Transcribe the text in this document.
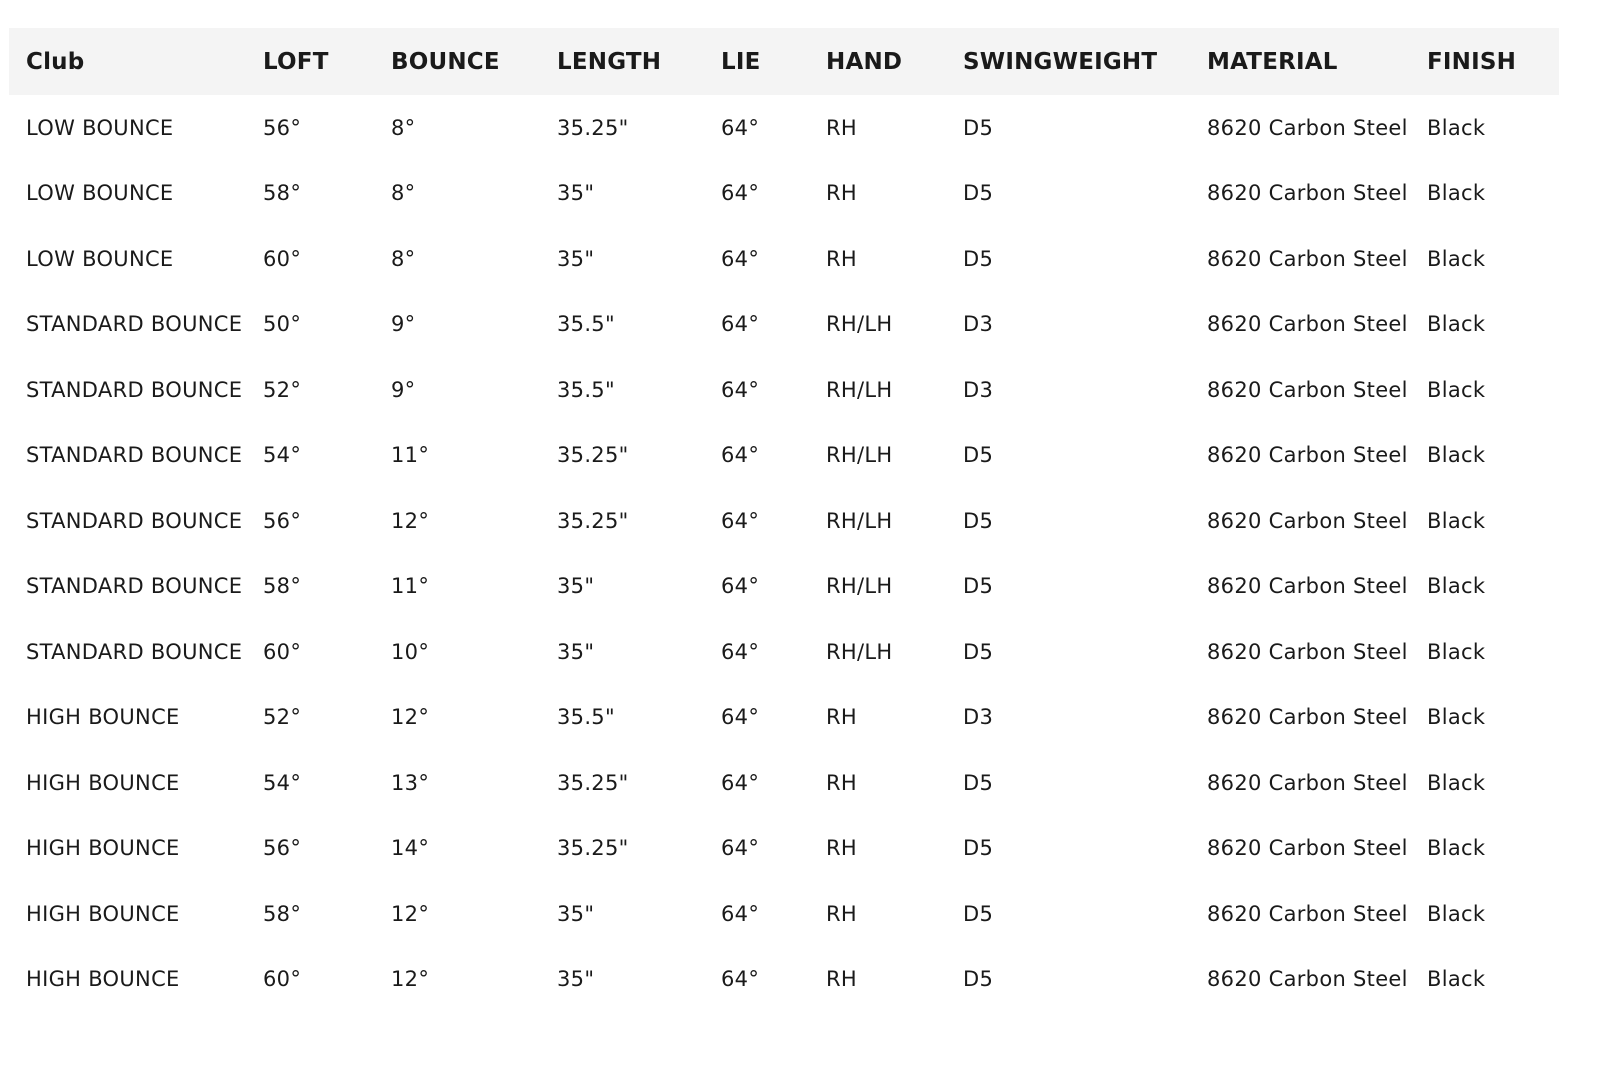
Club	LOFT	BOUNCE	LENGTH	LIE	HAND	SWINGWEIGHT	MATERIAL	FINISH
LOW BOUNCE	56°	8°	35.25"	64°	RH	D5	8620 Carbon Steel	Black
LOW BOUNCE	58°	8°	35"	64°	RH	D5	8620 Carbon Steel	Black
LOW BOUNCE	60°	8°	35"	64°	RH	D5	8620 Carbon Steel	Black
STANDARD BOUNCE	50°	9°	35.5"	64°	RH/LH	D3	8620 Carbon Steel	Black
STANDARD BOUNCE	52°	9°	35.5"	64°	RH/LH	D3	8620 Carbon Steel	Black
STANDARD BOUNCE	54°	11°	35.25"	64°	RH/LH	D5	8620 Carbon Steel	Black
STANDARD BOUNCE	56°	12°	35.25"	64°	RH/LH	D5	8620 Carbon Steel	Black
STANDARD BOUNCE	58°	11°	35"	64°	RH/LH	D5	8620 Carbon Steel	Black
STANDARD BOUNCE	60°	10°	35"	64°	RH/LH	D5	8620 Carbon Steel	Black
HIGH BOUNCE	52°	12°	35.5"	64°	RH	D3	8620 Carbon Steel	Black
HIGH BOUNCE	54°	13°	35.25"	64°	RH	D5	8620 Carbon Steel	Black
HIGH BOUNCE	56°	14°	35.25"	64°	RH	D5	8620 Carbon Steel	Black
HIGH BOUNCE	58°	12°	35"	64°	RH	D5	8620 Carbon Steel	Black
HIGH BOUNCE	60°	12°	35"	64°	RH	D5	8620 Carbon Steel	Black
